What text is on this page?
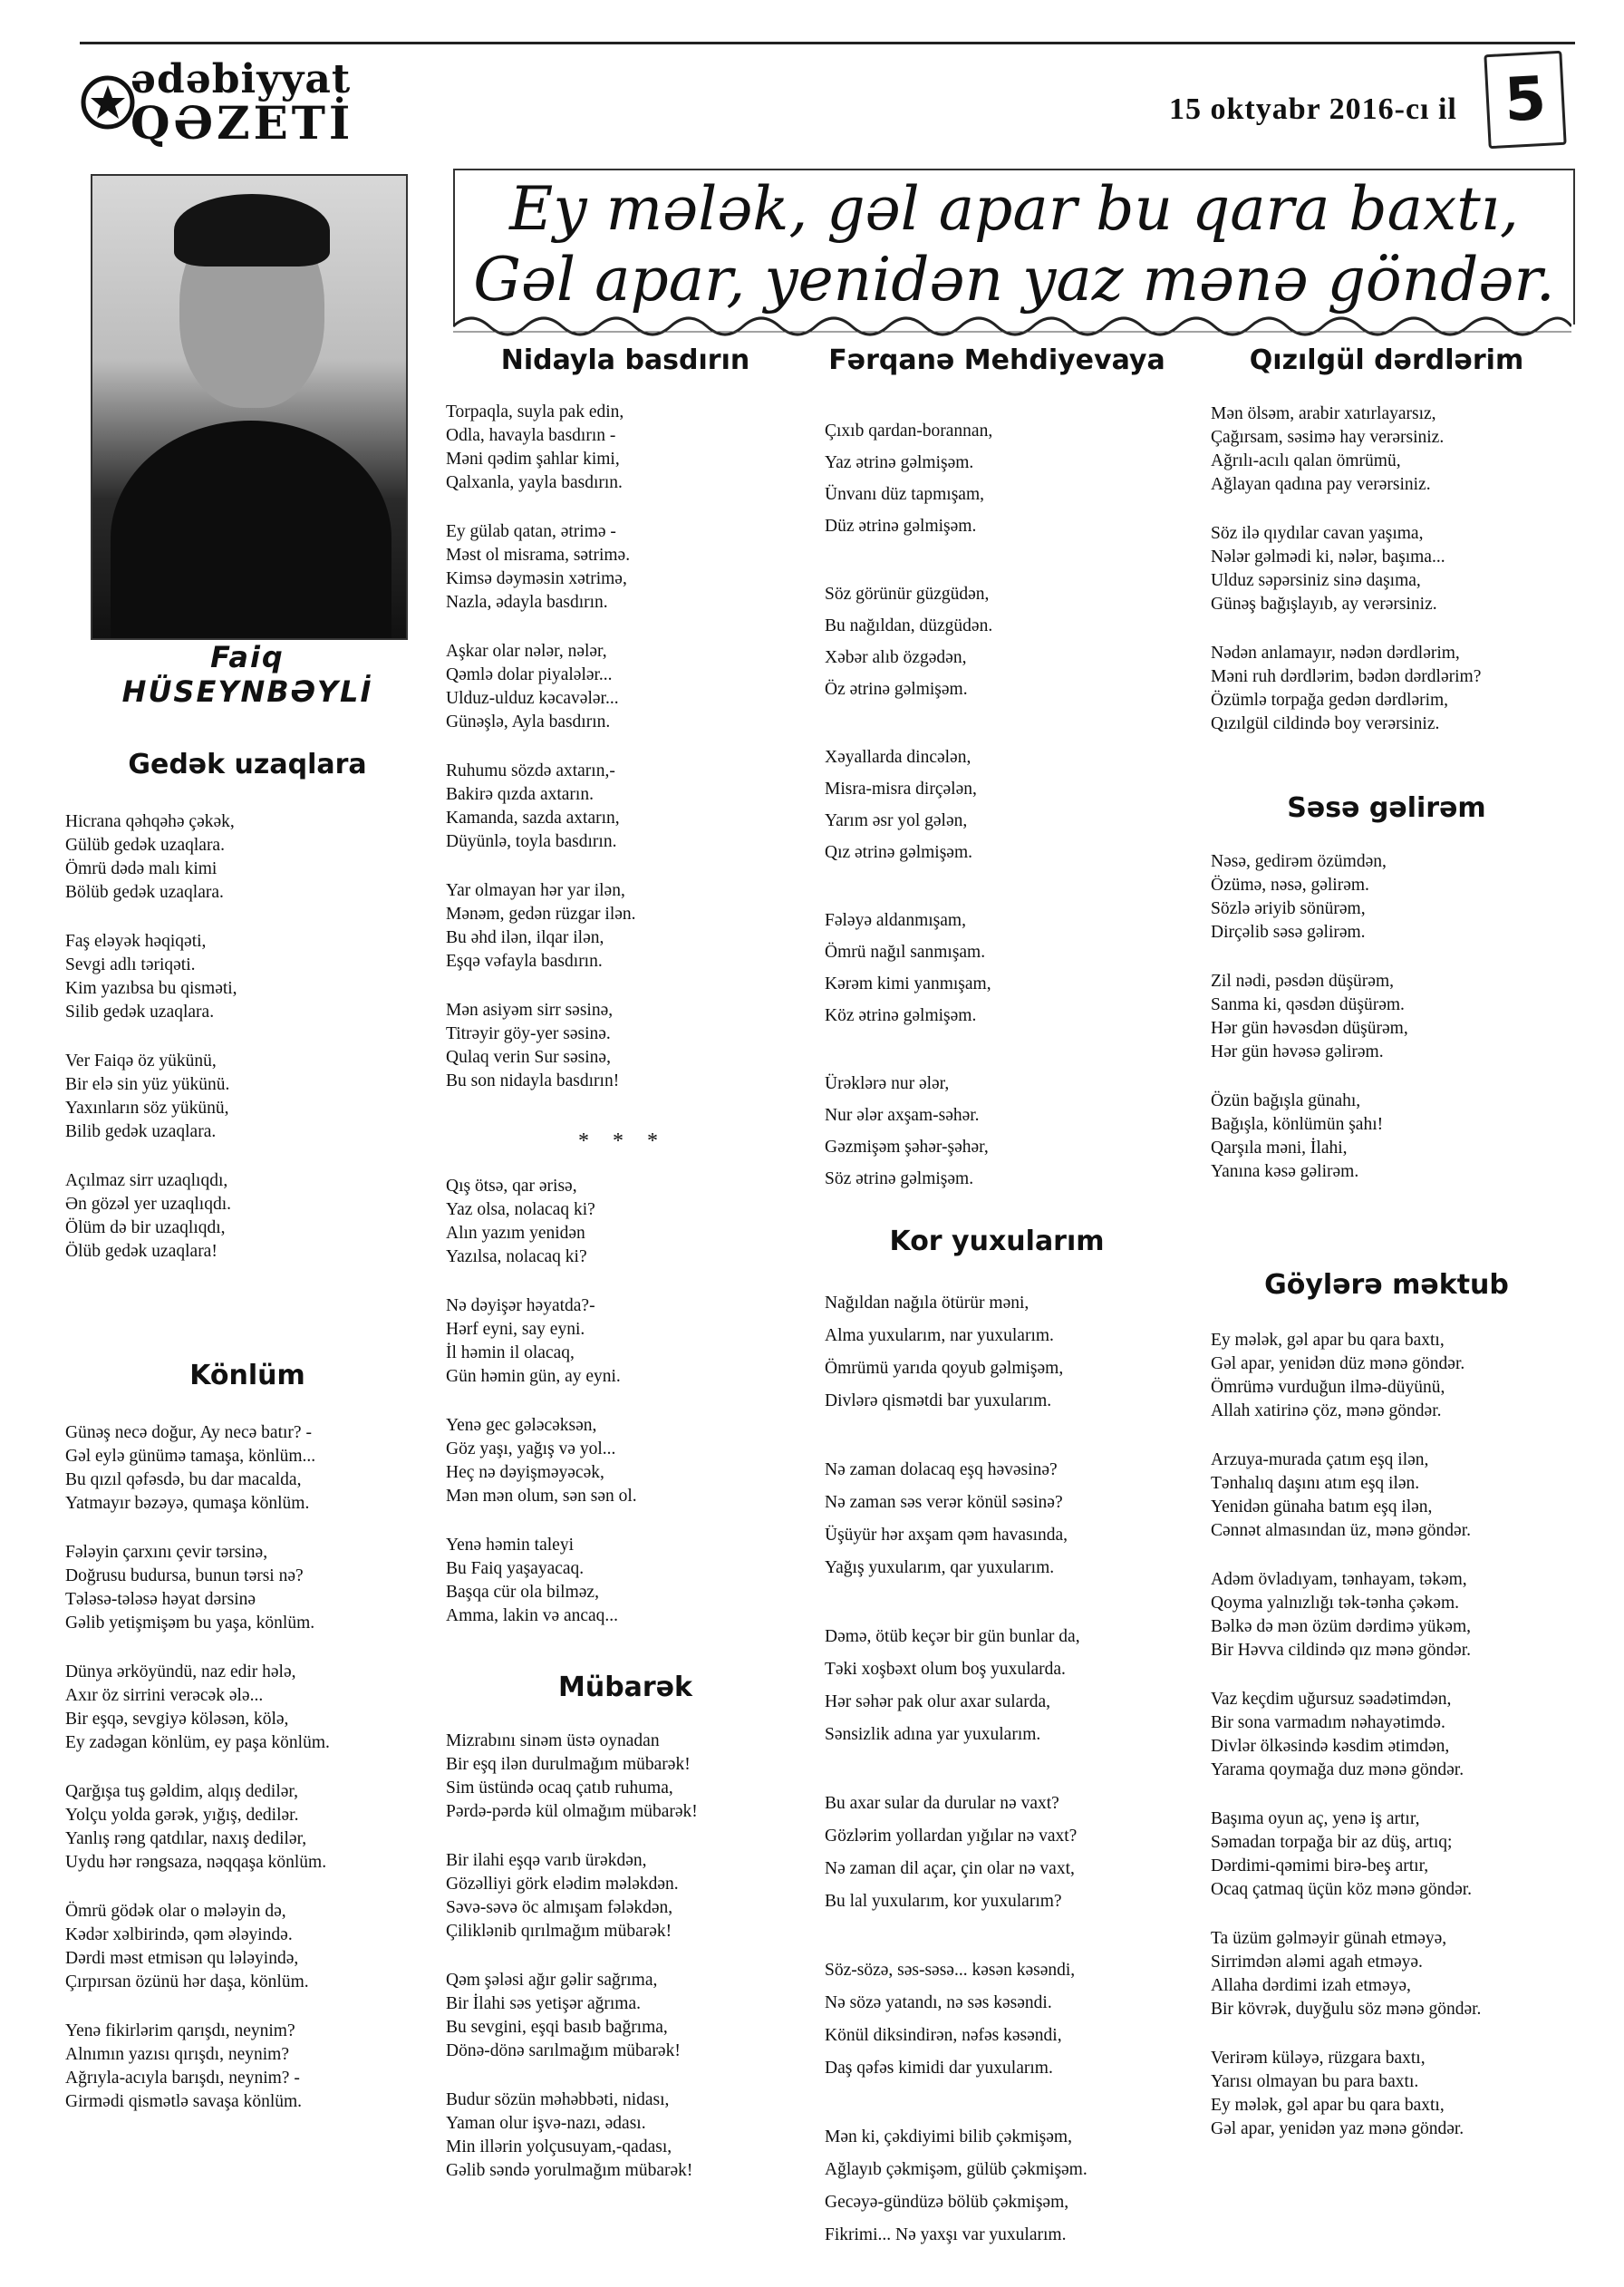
ədəbiyyat
QƏZETİ	15 oktyabr 2016-cı il 5
Faiq HÜSEYNBƏYLİ
Ey mələk, gəl apar bu qara baxtı,
Gəl apar, yenidən yaz mənə göndər.
Gedək uzaqlara
Hicrana qəhqəhə çəkək,
Gülüb gedək uzaqlara.
Ömrü dədə malı kimi
Bölüb gedək uzaqlara.
Faş eləyək həqiqəti,
Sevgi adlı təriqəti.
Kim yazıbsa bu qisməti,
Silib gedək uzaqlara.
Ver Faiqə öz yükünü,
Bir elə sin yüz yükünü.
Yaxınların söz yükünü,
Bilib gedək uzaqlara.
Açılmaz sirr uzaqlıqdı,
Ən gözəl yer uzaqlıqdı.
Ölüm də bir uzaqlıqdı,
Ölüb gedək uzaqlara!
Könlüm
Günəş necə doğur, Ay necə batır? -
Gəl eylə günümə tamaşa, könlüm...
Bu qızıl qəfəsdə, bu dar macalda,
Yatmayır bəzəyə, qumaşa könlüm.
Fələyin çarxını çevir tərsinə,
Doğrusu budursa, bunun tərsi nə?
Tələsə-tələsə həyat dərsinə
Gəlib yetişmişəm bu yaşa, könlüm.
Dünya ərköyündü, naz edir hələ,
Axır öz sirrini verəcək ələ...
Bir eşqə, sevgiyə köləsən, kölə,
Ey zadəgan könlüm, ey paşa könlüm.
Qarğışa tuş gəldim, alqış dedilər,
Yolçu yolda gərək, yığış, dedilər.
Yanlış rəng qatdılar, naxış dedilər,
Uydu hər rəngsaza, nəqqaşa könlüm.
Ömrü gödək olar o mələyin də,
Kədər xəlbirində, qəm ələyində.
Dərdi məst etmisən qu lələyində,
Çırpırsan özünü hər daşa, könlüm.
Yenə fikirlərim qarışdı, neynim?
Alnımın yazısı qırışdı, neynim?
Ağrıyla-acıyla barışdı, neynim? -
Girmədi qismətlə savaşa könlüm.
Nidayla basdırın
Torpaqla, suyla pak edin,
Odla, havayla basdırın -
Məni qədim şahlar kimi,
Qalxanla, yayla basdırın.
Ey gülab qatan, ətrimə -
Məst ol misrama, sətrimə.
Kimsə dəyməsin xətrimə,
Nazla, ədayla basdırın.
Aşkar olar nələr, nələr,
Qəmlə dolar piyalələr...
Ulduz-ulduz kəcavələr...
Günəşlə, Ayla basdırın.
Ruhumu sözdə axtarın,-
Bakirə qızda axtarın.
Kamanda, sazda axtarın,
Düyünlə, toyla basdırın.
Yar olmayan hər yar ilən,
Mənəm, gedən rüzgar ilən.
Bu əhd ilən, ilqar ilən,
Eşqə vəfayla basdırın.
Mən asiyəm sirr səsinə,
Titrəyir göy-yer səsinə.
Qulaq verin Sur səsinə,
Bu son nidayla basdırın!
* * *
Qış ötsə, qar ərisə,
Yaz olsa, nolacaq ki?
Alın yazım yenidən
Yazılsa, nolacaq ki?
Nə dəyişər həyatda?-
Hərf eyni, say eyni.
İl həmin il olacaq,
Gün həmin gün, ay eyni.
Yenə gec gələcəksən,
Göz yaşı, yağış və yol...
Heç nə dəyişməyəcək,
Mən mən olum, sən sən ol.
Yenə həmin taleyi
Bu Faiq yaşayacaq.
Başqa cür ola bilməz,
Amma, lakin və ancaq...
Mübarək
Mizrabını sinəm üstə oynadan
Bir eşq ilən durulmağım mübarək!
Sim üstündə ocaq çatıb ruhuma,
Pərdə-pərdə kül olmağım mübarək!
Bir ilahi eşqə varıb ürəkdən,
Gözəlliyi görk elədim mələkdən.
Səvə-səvə öc almışam fələkdən,
Çiliklənib qırılmağım mübarək!
Qəm şələsi ağır gəlir sağrıma,
Bir İlahi səs yetişər ağrıma.
Bu sevgini, eşqi basıb bağrıma,
Dönə-dönə sarılmağım mübarək!
Budur sözün məhəbbəti, nidası,
Yaman olur işvə-nazı, ədası.
Min illərin yolçusuyam,-qadası,
Gəlib səndə yorulmağım mübarək!
Fərqanə Mehdiyevaya
Çıxıb qardan-borannan,
Yaz ətrinə gəlmişəm.
Ünvanı düz tapmışam,
Düz ətrinə gəlmişəm.
Söz görünür güzgüdən,
Bu nağıldan, düzgüdən.
Xəbər alıb özgədən,
Öz ətrinə gəlmişəm.
Xəyallarda dincələn,
Misra-misra dirçələn,
Yarım əsr yol gələn,
Qız ətrinə gəlmişəm.
Fələyə aldanmışam,
Ömrü nağıl sanmışam.
Kərəm kimi yanmışam,
Köz ətrinə gəlmişəm.
Ürəklərə nur ələr,
Nur ələr axşam-səhər.
Gəzmişəm şəhər-şəhər,
Söz ətrinə gəlmişəm.
Kor yuxularım
Nağıldan nağıla ötürür məni,
Alma yuxularım, nar yuxularım.
Ömrümü yarıda qoyub gəlmişəm,
Divlərə qismətdi bar yuxularım.
Nə zaman dolacaq eşq həvəsinə?
Nə zaman səs verər könül səsinə?
Üşüyür hər axşam qəm havasında,
Yağış yuxularım, qar yuxularım.
Dəmə, ötüb keçər bir gün bunlar da,
Təki xoşbəxt olum boş yuxularda.
Hər səhər pak olur axar sularda,
Sənsizlik adına yar yuxularım.
Bu axar sular da durular nə vaxt?
Gözlərim yollardan yığılar nə vaxt?
Nə zaman dil açar, çin olar nə vaxt,
Bu lal yuxularım, kor yuxularım?
Söz-sözə, səs-səsə... kəsən kəsəndi,
Nə sözə yatandı, nə səs kəsəndi.
Könül diksindirən, nəfəs kəsəndi,
Daş qəfəs kimidi dar yuxularım.
Mən ki, çəkdiyimi bilib çəkmişəm,
Ağlayıb çəkmişəm, gülüb çəkmişəm.
Gecəyə-gündüzə bölüb çəkmişəm,
Fikrimi... Nə yaxşı var yuxularım.
Qızılgül dərdlərim
Mən ölsəm, arabir xatırlayarsız,
Çağırsam, səsimə hay verərsiniz.
Ağrılı-acılı qalan ömrümü,
Ağlayan qadına pay verərsiniz.
Söz ilə qıydılar cavan yaşıma,
Nələr gəlmədi ki, nələr, başıma...
Ulduz səpərsiniz sinə daşıma,
Günəş bağışlayıb, ay verərsiniz.
Nədən anlamayır, nədən dərdlərim,
Məni ruh dərdlərim, bədən dərdlərim?
Özümlə torpağa gedən dərdlərim,
Qızılgül cildində boy verərsiniz.
Səsə gəlirəm
Nəsə, gedirəm özümdən,
Özümə, nəsə, gəlirəm.
Sözlə əriyib sönürəm,
Dirçəlib səsə gəlirəm.
Zil nədi, pəsdən düşürəm,
Sanma ki, qəsdən düşürəm.
Hər gün həvəsdən düşürəm,
Hər gün həvəsə gəlirəm.
Özün bağışla günahı,
Bağışla, könlümün şahı!
Qarşıla məni, İlahi,
Yanına kəsə gəlirəm.
Göylərə məktub
Ey mələk, gəl apar bu qara baxtı,
Gəl apar, yenidən düz mənə göndər.
Ömrümə vurduğun ilmə-düyünü,
Allah xatirinə çöz, mənə göndər.
Arzuya-murada çatım eşq ilən,
Tənhalıq daşını atım eşq ilən.
Yenidən günaha batım eşq ilən,
Cənnət almasından üz, mənə göndər.
Adəm övladıyam, tənhayam, təkəm,
Qoyma yalnızlığı tək-tənha çəkəm.
Bəlkə də mən özüm dərdimə yükəm,
Bir Həvva cildində qız mənə göndər.
Vaz keçdim uğursuz səadətimdən,
Bir sona varmadım nəhayətimdə.
Divlər ölkəsində kəsdim ətimdən,
Yarama qoymağa duz mənə göndər.
Başıma oyun aç, yenə iş artır,
Səmadan torpağa bir az düş, artıq;
Dərdimi-qəmimi birə-beş artır,
Ocaq çatmaq üçün köz mənə göndər.
Ta üzüm gəlməyir günah etməyə,
Sirrimdən aləmi agah etməyə.
Allaha dərdimi izah etməyə,
Bir kövrək, duyğulu söz mənə göndər.
Verirəm küləyə, rüzgara baxtı,
Yarısı olmayan bu para baxtı.
Ey mələk, gəl apar bu qara baxtı,
Gəl apar, yenidən yaz mənə göndər.
